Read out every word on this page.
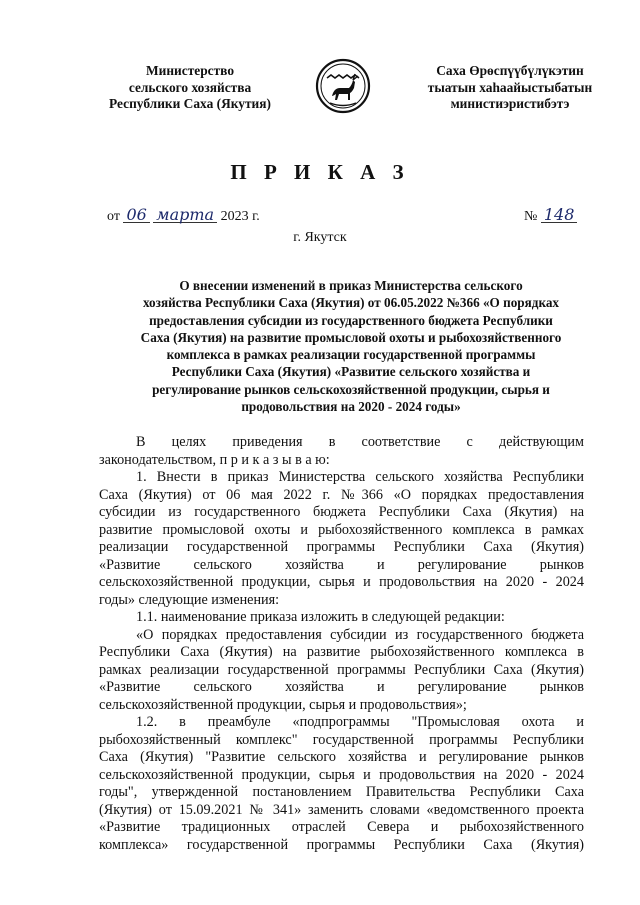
Министерство
сельского хозяйства
Республики Саха (Якутия)
Саха Өрөспүүбүлүкэтин
тыатын хаhаайыстыбатын
министиэристибэтэ
П Р И К А З
от 06 марта 2023 г.	№ 148
г. Якутск
О внесении изменений в приказ Министерства сельского
хозяйства Республики Саха (Якутия) от 06.05.2022 №366 «О порядках
предоставления субсидии из государственного бюджета Республики
Саха (Якутия) на развитие промысловой охоты и рыбохозяйственного
комплекса в рамках реализации государственной программы
Республики Саха (Якутия) «Развитие сельского хозяйства и
регулирование рынков сельскохозяйственной продукции, сырья и
продовольствия на 2020 - 2024 годы»
В целях приведения в соответствие с действующим
законодательством, п р и к а з ы в а ю:
1. Внести в приказ Министерства сельского хозяйства Республики
Саха (Якутия) от 06 мая 2022 г. №366 «О порядках предоставления
субсидии из государственного бюджета Республики Саха (Якутия) на
развитие промысловой охоты и рыбохозяйственного комплекса в рамках
реализации государственной программы Республики Саха (Якутия)
«Развитие сельского хозяйства и регулирование рынков
сельскохозяйственной продукции, сырья и продовольствия на 2020 - 2024
годы» следующие изменения:
1.1. наименование приказа изложить в следующей редакции:
«О порядках предоставления субсидии из государственного бюджета
Республики Саха (Якутия) на развитие рыбохозяйственного комплекса в
рамках реализации государственной программы Республики Саха (Якутия)
«Развитие сельского хозяйства и регулирование рынков
сельскохозяйственной продукции, сырья и продовольствия»;
1.2. в преамбуле «подпрограммы "Промысловая охота и
рыбохозяйственный комплекс" государственной программы Республики
Саха (Якутия) "Развитие сельского хозяйства и регулирование рынков
сельскохозяйственной продукции, сырья и продовольствия на 2020 - 2024
годы", утвержденной постановлением Правительства Республики Саха
(Якутия) от 15.09.2021 № 341» заменить словами «ведомственного проекта
«Развитие традиционных отраслей Севера и рыбохозяйственного
комплекса» государственной программы Республики Саха (Якутия)
